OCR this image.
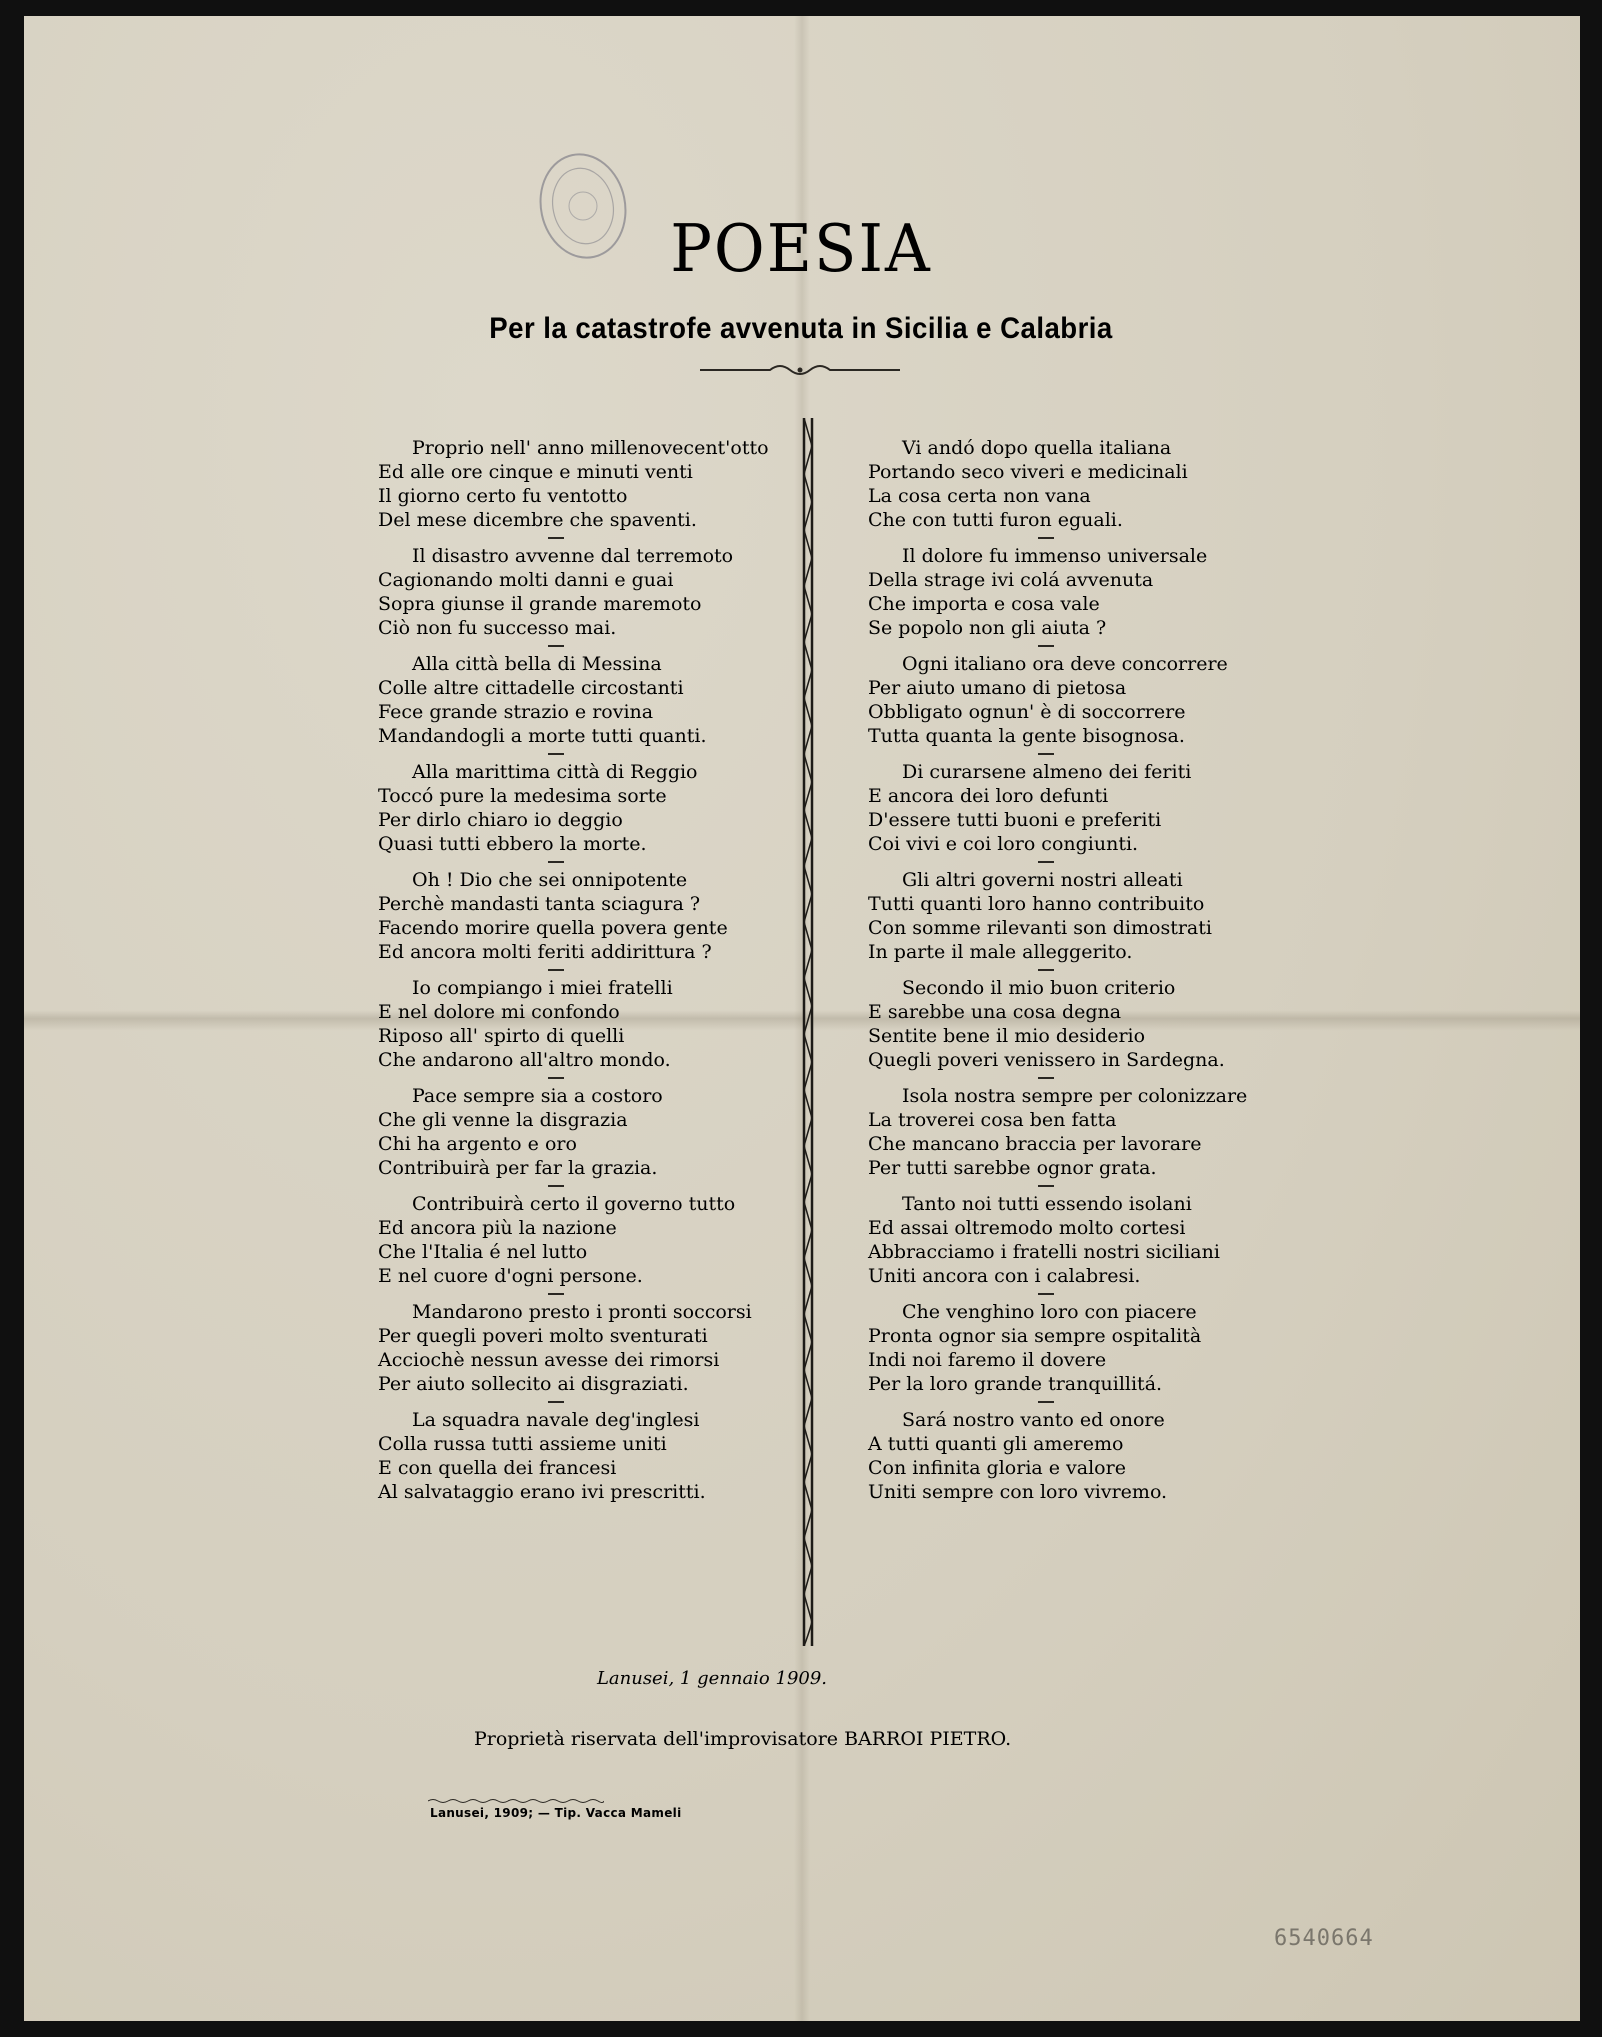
POESIA
Per la catastrofe avvenuta in Sicilia e Calabria
Proprio nell' anno millenovecent'otto
Ed alle ore cinque e minuti venti
Il giorno certo fu ventotto
Del mese dicembre che spaventi.
Il disastro avvenne dal terremoto
Cagionando molti danni e guai
Sopra giunse il grande maremoto
Ciò non fu successo mai.
Alla città bella di Messina
Colle altre cittadelle circostanti
Fece grande strazio e rovina
Mandandogli a morte tutti quanti.
Alla marittima città di Reggio
Toccó pure la medesima sorte
Per dirlo chiaro io deggio
Quasi tutti ebbero la morte.
Oh ! Dio che sei onnipotente
Perchè mandasti tanta sciagura ?
Facendo morire quella povera gente
Ed ancora molti feriti addirittura ?
Io compiango i miei fratelli
E nel dolore mi confondo
Riposo all' spirto di quelli
Che andarono all'altro mondo.
Pace sempre sia a costoro
Che gli venne la disgrazia
Chi ha argento e oro
Contribuirà per far la grazia.
Contribuirà certo il governo tutto
Ed ancora più la nazione
Che l'Italia é nel lutto
E nel cuore d'ogni persone.
Mandarono presto i pronti soccorsi
Per quegli poveri molto sventurati
Acciochè nessun avesse dei rimorsi
Per aiuto sollecito ai disgraziati.
La squadra navale deg'inglesi
Colla russa tutti assieme uniti
E con quella dei francesi
Al salvataggio erano ivi prescritti.
Vi andó dopo quella italiana
Portando seco viveri e medicinali
La cosa certa non vana
Che con tutti furon eguali.
Il dolore fu immenso universale
Della strage ivi colá avvenuta
Che importa e cosa vale
Se popolo non gli aiuta ?
Ogni italiano ora deve concorrere
Per aiuto umano di pietosa
Obbligato ognun' è di soccorrere
Tutta quanta la gente bisognosa.
Di curarsene almeno dei feriti
E ancora dei loro defunti
D'essere tutti buoni e preferiti
Coi vivi e coi loro congiunti.
Gli altri governi nostri alleati
Tutti quanti loro hanno contribuito
Con somme rilevanti son dimostrati
In parte il male alleggerito.
Secondo il mio buon criterio
E sarebbe una cosa degna
Sentite bene il mio desiderio
Quegli poveri venissero in Sardegna.
Isola nostra sempre per colonizzare
La troverei cosa ben fatta
Che mancano braccia per lavorare
Per tutti sarebbe ognor grata.
Tanto noi tutti essendo isolani
Ed assai oltremodo molto cortesi
Abbracciamo i fratelli nostri siciliani
Uniti ancora con i calabresi.
Che venghino loro con piacere
Pronta ognor sia sempre ospitalità
Indi noi faremo il dovere
Per la loro grande tranquillitá.
Sará nostro vanto ed onore
A tutti quanti gli ameremo
Con infinita gloria e valore
Uniti sempre con loro vivremo.
Lanusei, 1 gennaio 1909.
Proprietà riservata dell'improvisatore BARROI PIETRO.
Lanusei, 1909; — Tip. Vacca Mameli
6540664
